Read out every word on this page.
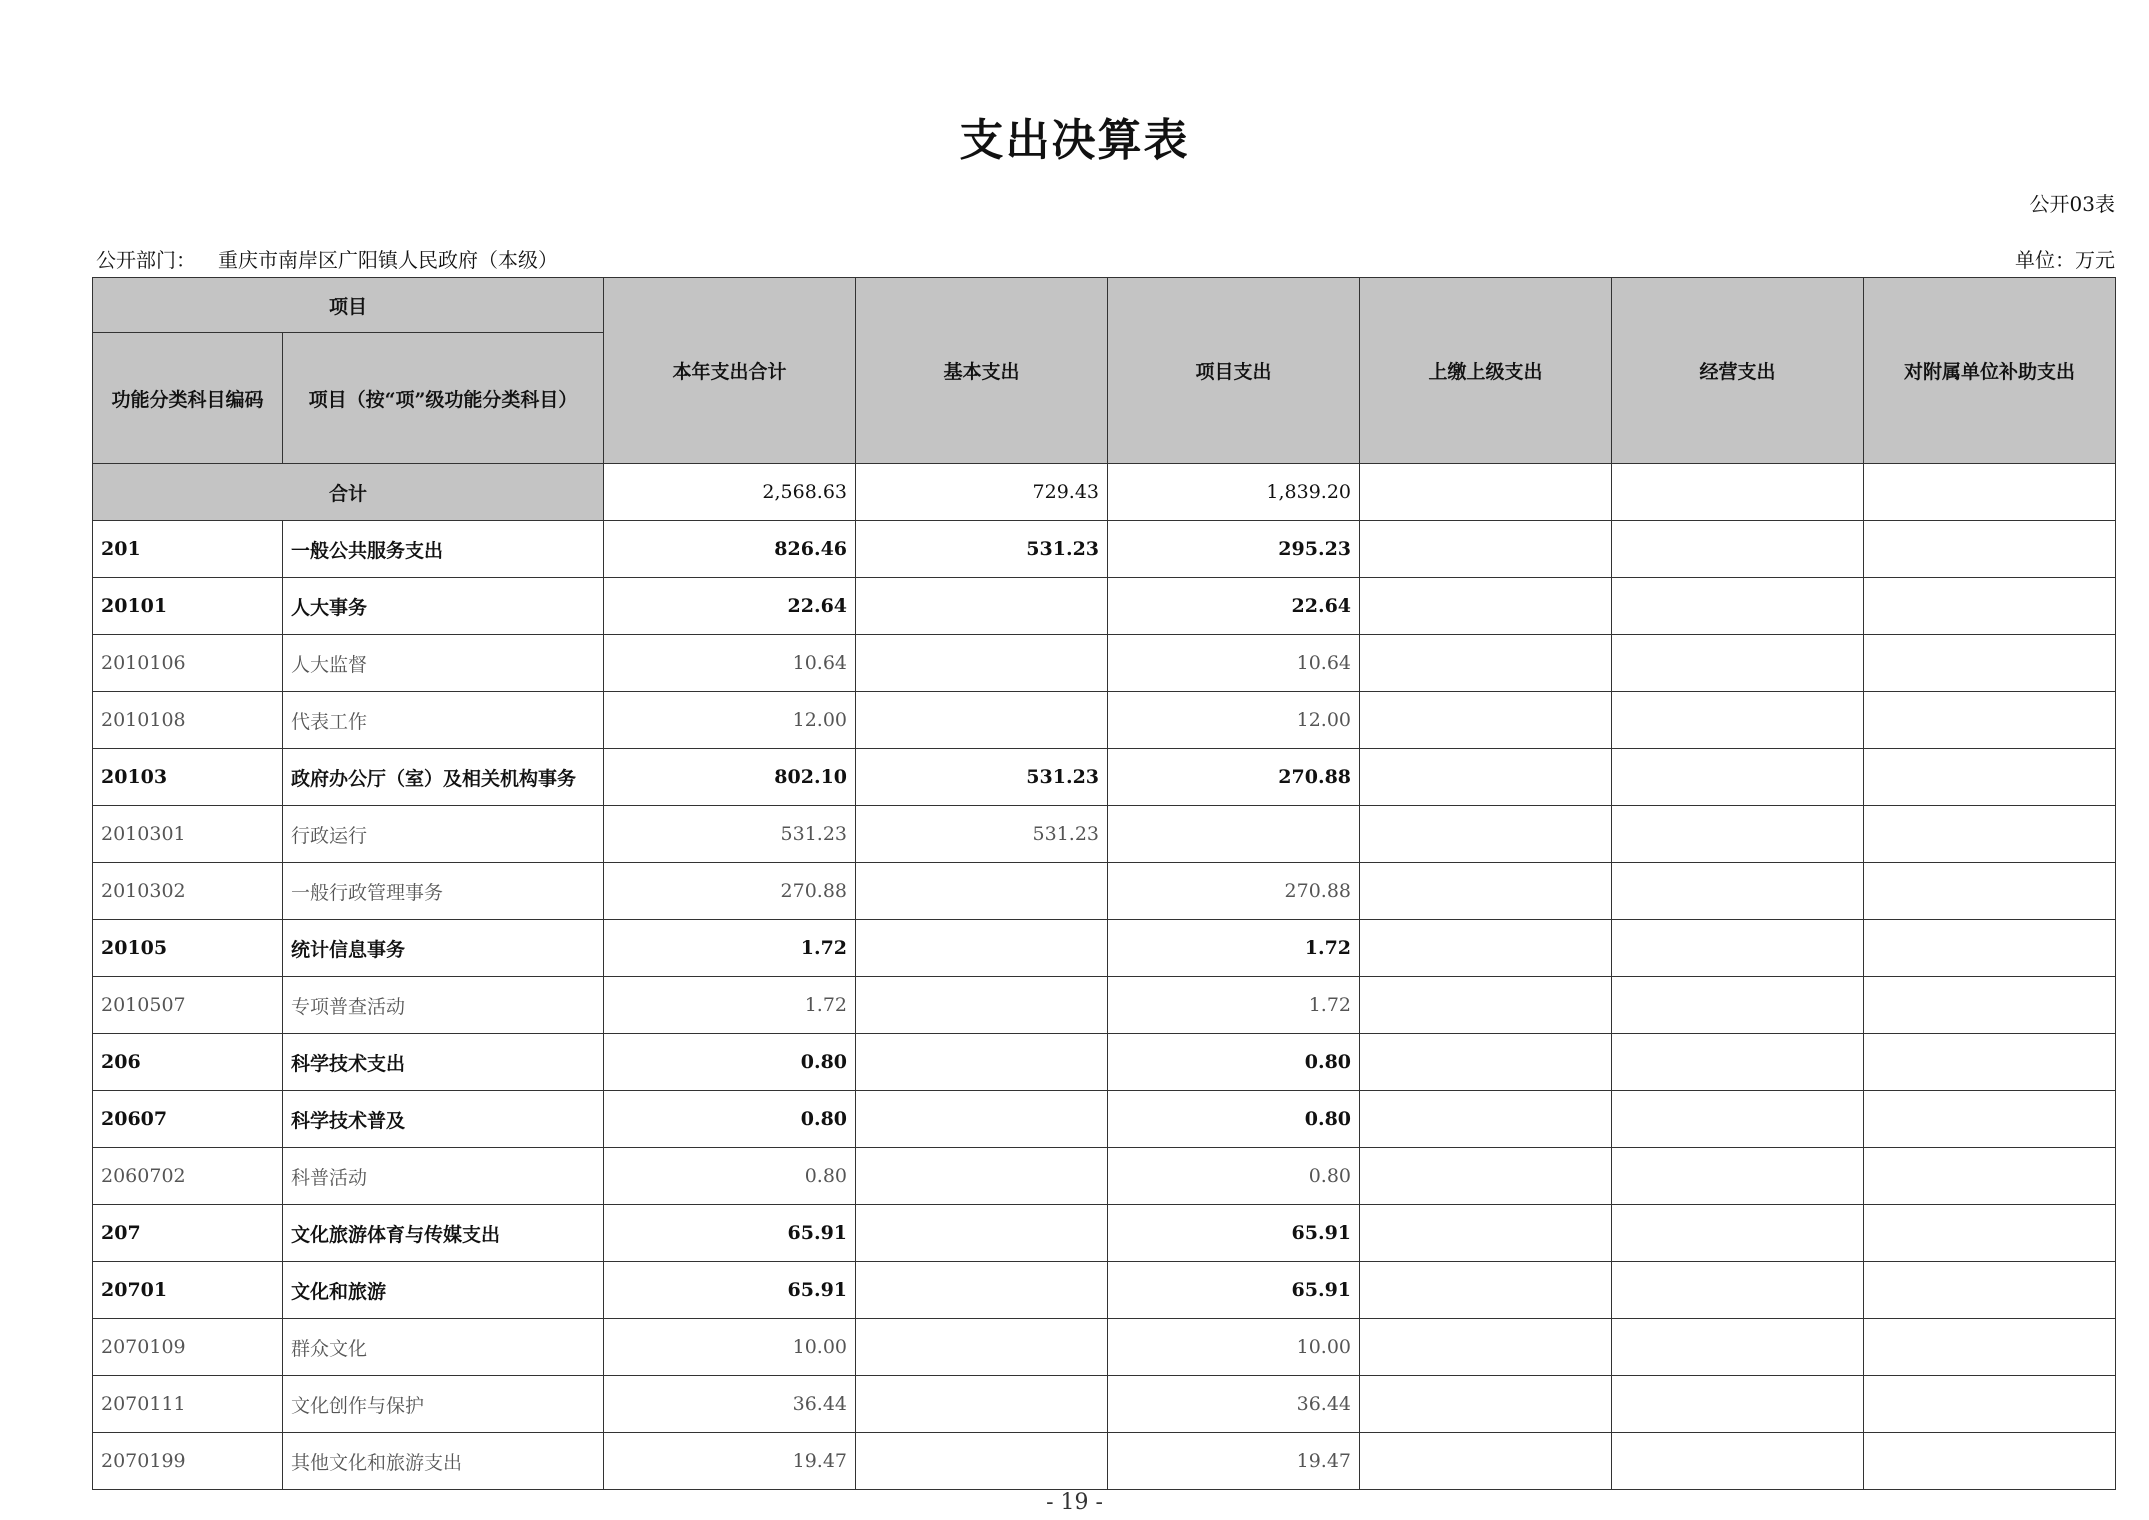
支出决算表
公开03表
公开部门： 重庆市南岸区广阳镇人民政府（本级）	单位：万元
项目		本年支出合计	基本支出	项目支出	上缴上级支出	经营支出	对附属单位补助支出
功能分类科目编码	项目（按“项”级功能分类科目）						
合计		2,568.63	729.43	1,839.20			
201	一般公共服务支出	826.46	531.23	295.23			
20101	人大事务	22.64		22.64			
2010106	人大监督	10.64		10.64			
2010108	代表工作	12.00		12.00			
20103	政府办公厅（室）及相关机构事务	802.10	531.23	270.88			
2010301	行政运行	531.23	531.23				
2010302	一般行政管理事务	270.88		270.88			
20105	统计信息事务	1.72		1.72			
2010507	专项普查活动	1.72		1.72			
206	科学技术支出	0.80		0.80			
20607	科学技术普及	0.80		0.80			
2060702	科普活动	0.80		0.80			
207	文化旅游体育与传媒支出	65.91		65.91			
20701	文化和旅游	65.91		65.91			
2070109	群众文化	10.00		10.00			
2070111	文化创作与保护	36.44		36.44			
2070199	其他文化和旅游支出	19.47		19.47			
- 19 -
